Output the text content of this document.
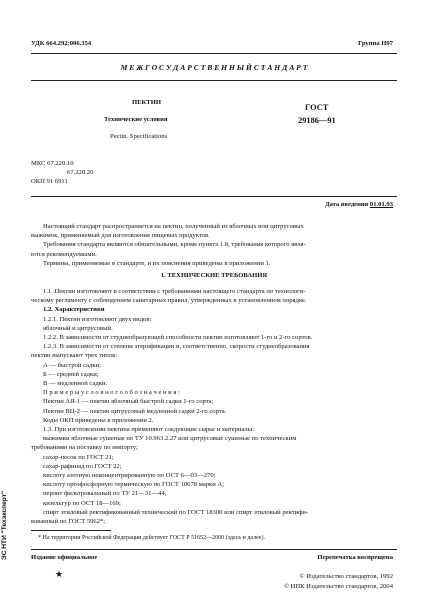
УДК 664.292:006.354	Группа Н97
М Е Ж Г О С У Д А Р С Т В Е Н Н Ы Й С Т А Н Д А Р Т
ПЕКТИН
Технические условия
Pectin. Specifications
ГОСТ
29186—91
МКС 67.220.10
67.220.20
ОКП 91 6911
Дата введения 01.01.93
Настоящий стандарт распространяется на пектин, полученный из яблочных или цитрусовых
выжимок, применяемый для изготовления пищевых продуктов.
Требования стандарта являются обязательными, кроме пункта 1.8, требования которого явля-
ются рекомендуемыми.
Термины, применяемые в стандарте, и их пояснения приведены в приложении 1.
1. ТЕХНИЧЕСКИЕ ТРЕБОВАНИЯ
1.1. Пектин изготовляют в соответствии с требованиями настоящего стандарта по технологи-
ческому регламенту с соблюдением санитарных правил, утвержденных в установленном порядке.
1.2. Характеристики
1.2.1. Пектин изготовляют двух видов:
яблочный и цитрусовый.
1.2.2. В зависимости от студнеобразующей способности пектин изготовляют 1-го и 2-го сортов.
1.2.3. В зависимости от степени этерификации и, соответственно, скорости студнеобразования
пектин выпускают трех типов:
А — быстрой садки;
Б — средней садки;
В — медленной садки.
П р и м е р ы у с л о в н о г о о б о з н а ч е н и я :
Пектин АЯ-1 — пектин яблочный быстрой садки 1-го сорта;
Пектин ВЦ-2 — пектин цитрусовый медленной садки 2-го сорта.
Коды ОКП приведены в приложении 2.
1.3. При изготовлении пектина применяют следующие сырье и материалы:
выжимки яблочные сушеные по ТУ 10.963.2.27 или цитрусовые сушеные по техническим
требованиям на поставку по импорту;
сахар-песок по ГОСТ 21;
сахар-рафинад по ГОСТ 22;
кислоту азотную неконцентрированную по ОСТ 6—03—270;
кислоту ортофосфорную термическую по ГОСТ 10678 марки А;
перлит фильтровальный по ТУ 21—31—44;
кизельгур по ОСТ 18—169;
спирт этиловый ректификованный технический по ГОСТ 18300 или спирт этиловый ректифи-
кованный по ГОСТ 5962*;
* На территории Российской Федерации действует ГОСТ Р 51652—2000 (здесь и далее).
Издание официальное	Перепечатка воспрещена
★	© Издательство стандартов, 1992
© ИПК Издательство стандартов, 2004
ЭС НТИ "Техэксперт"
